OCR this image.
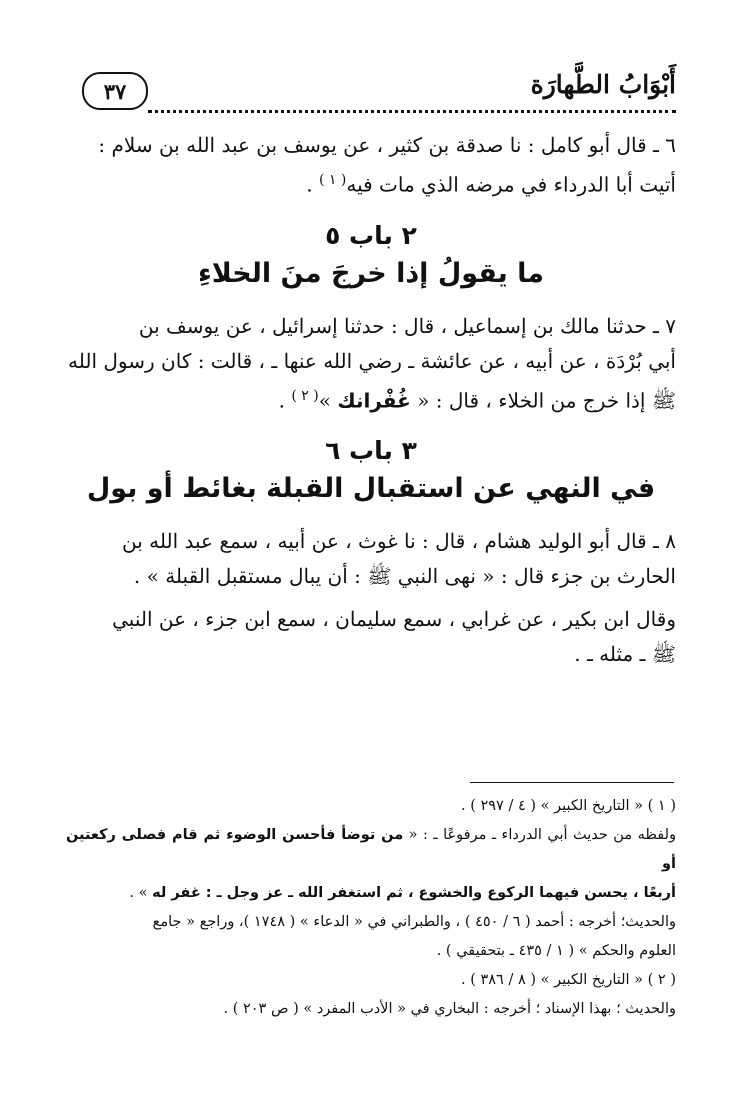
أَبْوَابُ الطَّهارَة
٣٧

٦ ـ قال أبو كامل : نا صدقة بن كثير ، عن يوسف بن عبد الله بن سلام :
أتيت أبا الدرداء في مرضه الذي مات فيه$^{( ١ )}$ .

٢ باب ٥
ما يقولُ إذا خرجَ منَ الخلاءِ

٧ ـ حدثنا مالك بن إسماعيل ، قال : حدثنا إسرائيل ، عن يوسف بن
أبي بُرْدَة ، عن أبيه ، عن عائشة ـ رضي الله عنها ـ ، قالت : كان رسول الله
ﷺ إذا خرج من الخلاء ، قال : « غُفْرانك »$^{( ٢ )}$ .

٣ باب ٦
في النهي عن استقبال القبلة بغائط أو بول

٨ ـ قال أبو الوليد هشام ، قال : نا غوث ، عن أبيه ، سمع عبد الله بن
الحارث بن جزء قال : « نهى النبي ﷺ : أن يبال مستقبل القبلة » .

وقال ابن بكير ، عن غرابي ، سمع سليمان ، سمع ابن جزء ، عن النبي
ﷺ ـ مثله ـ .

( ١ ) « التاريخ الكبير » ( ٤ / ٢٩٧ ) .
ولفظه من حديث أبي الدرداء ـ مرفوعًا ـ : « من توضأ فأحسن الوضوء ثم قام فصلى ركعتين أو
أربعًا ، يحسن فيهما الركوع والخشوع ، ثم استغفر الله ـ عز وجل ـ : غفر له » .
والحديث؛ أخرجه : أحمد ( ٦ / ٤٥٠ ) ، والطبراني في « الدعاء » ( ١٧٤٨ )، وراجع « جامع
العلوم والحكم » ( ١ / ٤٣٥ ـ بتحقيقي ) .

( ٢ ) « التاريخ الكبير » ( ٨ / ٣٨٦ ) .
والحديث ؛ بهذا الإسناد ؛ أخرجه : البخاري في « الأدب المفرد » ( ص ٢٠٣ ) .
